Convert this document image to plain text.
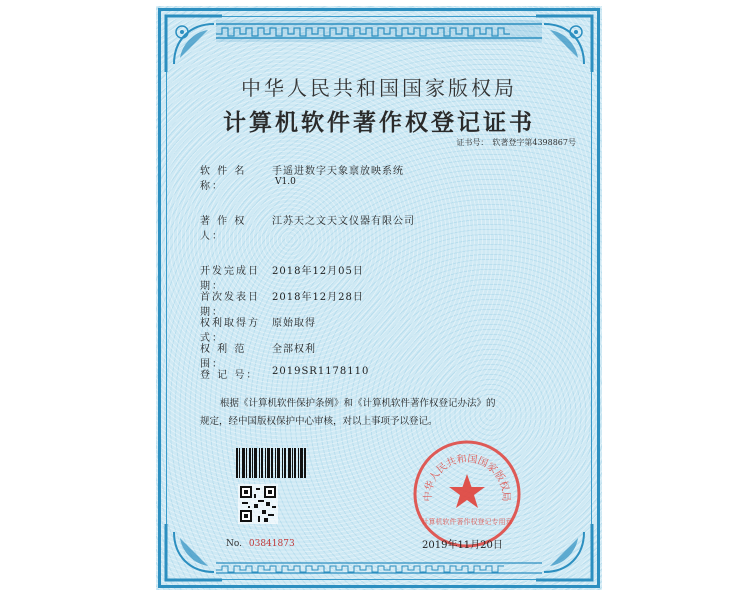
中华人民共和国国家版权局
计算机软件著作权登记证书
证书号： 软著登字第4398867号
软 件 名 称：
手遥进数字天象禀放映系统
V1.0
著 作 权 人：
江苏天之文天文仪器有限公司
开发完成日期：
2018年12月05日
首次发表日期：
2018年12月28日
权利取得方式：
原始取得
权 利 范 围：
全部权利
登 记 号：	2019SR1178110
根据《计算机软件保护条例》和《计算机软件著作权登记办法》的
规定，经中国版权保护中心审核，对以上事项予以登记。
No. 03841873
中华人民共和国国家版权局
计算机软件著作权登记专用章
2019年11月20日
